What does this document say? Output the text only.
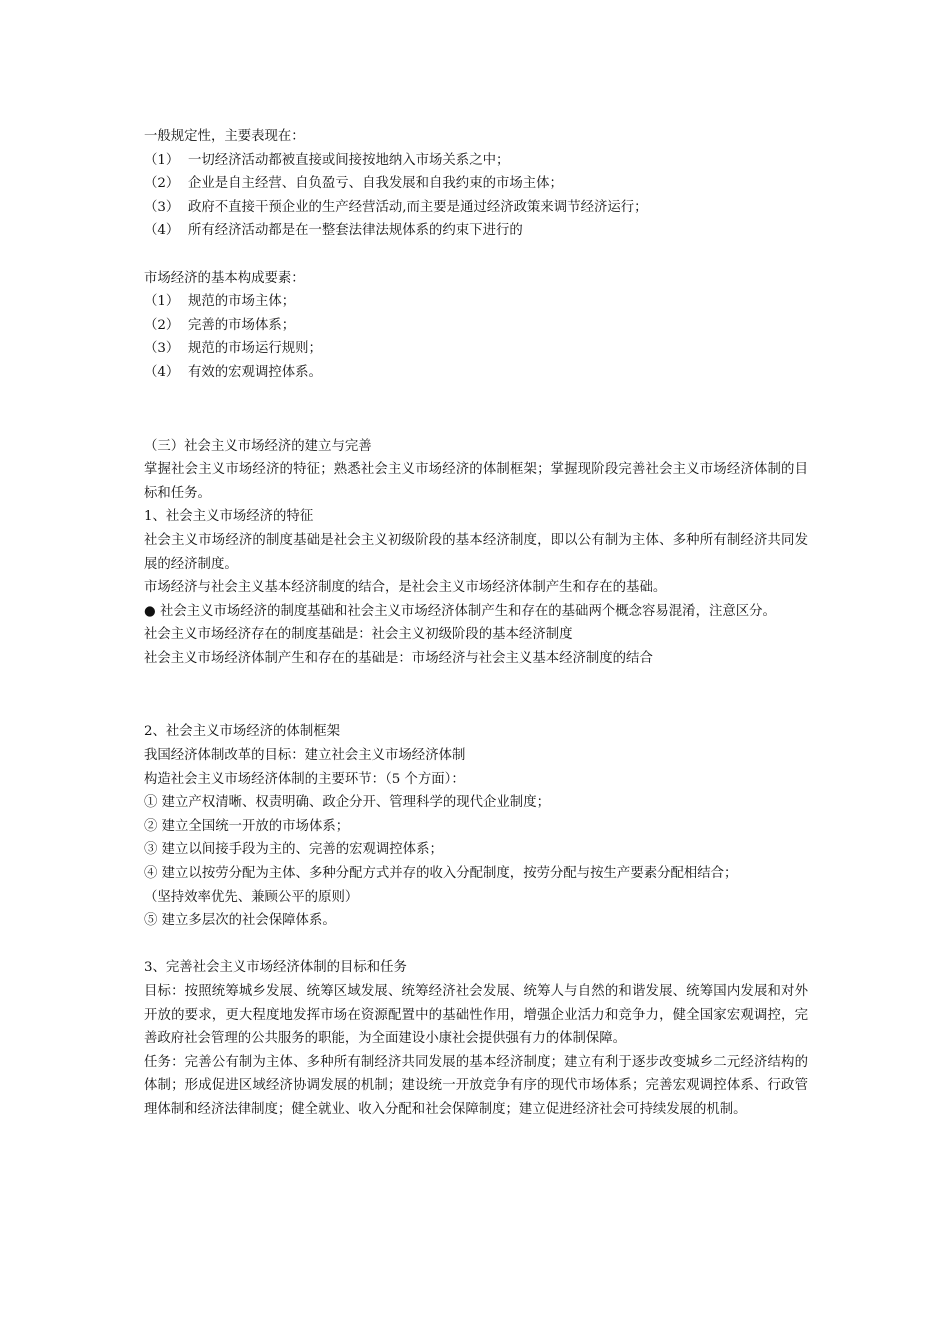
一般规定性，主要表现在：

（1） 一切经济活动都被直接或间接按地纳入市场关系之中；

（2） 企业是自主经营、自负盈亏、自我发展和自我约束的市场主体；

（3） 政府不直接干预企业的生产经营活动,而主要是通过经济政策来调节经济运行；

（4） 所有经济活动都是在一整套法律法规体系的约束下进行的

市场经济的基本构成要素：

（1） 规范的市场主体；

（2） 完善的市场体系；

（3） 规范的市场运行规则；

（4） 有效的宏观调控体系。

（三）社会主义市场经济的建立与完善

掌握社会主义市场经济的特征；熟悉社会主义市场经济的体制框架；掌握现阶段完善社会主义市场经济体制的目标和任务。

1、社会主义市场经济的特征

社会主义市场经济的制度基础是社会主义初级阶段的基本经济制度，即以公有制为主体、多种所有制经济共同发展的经济制度。

市场经济与社会主义基本经济制度的结合，是社会主义市场经济体制产生和存在的基础。

● 社会主义市场经济的制度基础和社会主义市场经济体制产生和存在的基础两个概念容易混淆，注意区分。

社会主义市场经济存在的制度基础是：社会主义初级阶段的基本经济制度

社会主义市场经济体制产生和存在的基础是：市场经济与社会主义基本经济制度的结合

2、社会主义市场经济的体制框架

我国经济体制改革的目标：建立社会主义市场经济体制

构造社会主义市场经济体制的主要环节：（5 个方面）：

① 建立产权清晰、权责明确、政企分开、管理科学的现代企业制度；

② 建立全国统一开放的市场体系；

③ 建立以间接手段为主的、完善的宏观调控体系；

④ 建立以按劳分配为主体、多种分配方式并存的收入分配制度，按劳分配与按生产要素分配相结合；

（坚持效率优先、兼顾公平的原则）

⑤ 建立多层次的社会保障体系。

3、完善社会主义市场经济体制的目标和任务

目标：按照统筹城乡发展、统筹区域发展、统筹经济社会发展、统筹人与自然的和谐发展、统筹国内发展和对外开放的要求，更大程度地发挥市场在资源配置中的基础性作用，增强企业活力和竞争力，健全国家宏观调控，完善政府社会管理的公共服务的职能，为全面建设小康社会提供强有力的体制保障。

任务：完善公有制为主体、多种所有制经济共同发展的基本经济制度；建立有利于逐步改变城乡二元经济结构的体制；形成促进区域经济协调发展的机制；建设统一开放竞争有序的现代市场体系；完善宏观调控体系、行政管理体制和经济法律制度；健全就业、收入分配和社会保障制度；建立促进经济社会可持续发展的机制。
